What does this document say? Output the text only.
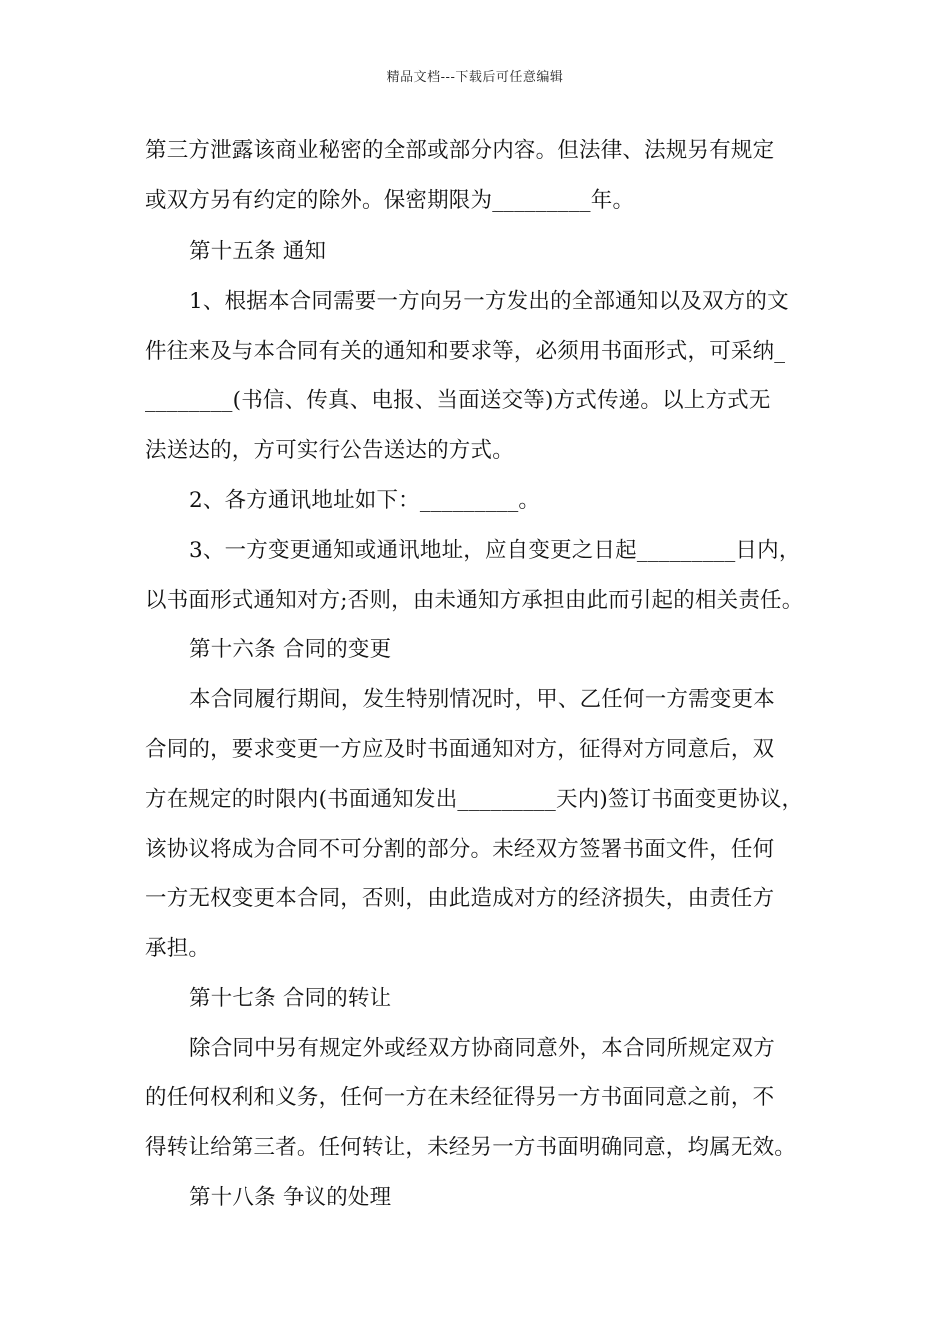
精品文档---下载后可任意编辑
第三方泄露该商业秘密的全部或部分内容。但法律、法规另有规定
或双方另有约定的除外。保密期限为_________年。
第十五条 通知
1、根据本合同需要一方向另一方发出的全部通知以及双方的文
件往来及与本合同有关的通知和要求等，必须用书面形式，可采纳_
________(书信、传真、电报、当面送交等)方式传递。以上方式无
法送达的，方可实行公告送达的方式。
2、各方通讯地址如下：_________。
3、一方变更通知或通讯地址，应自变更之日起_________日内，
以书面形式通知对方;否则，由未通知方承担由此而引起的相关责任。
第十六条 合同的变更
本合同履行期间，发生特别情况时，甲、乙任何一方需变更本
合同的，要求变更一方应及时书面通知对方，征得对方同意后，双
方在规定的时限内(书面通知发出_________天内)签订书面变更协议，
该协议将成为合同不可分割的部分。未经双方签署书面文件，任何
一方无权变更本合同，否则，由此造成对方的经济损失，由责任方
承担。
第十七条 合同的转让
除合同中另有规定外或经双方协商同意外，本合同所规定双方
的任何权利和义务，任何一方在未经征得另一方书面同意之前，不
得转让给第三者。任何转让，未经另一方书面明确同意，均属无效。
第十八条 争议的处理
